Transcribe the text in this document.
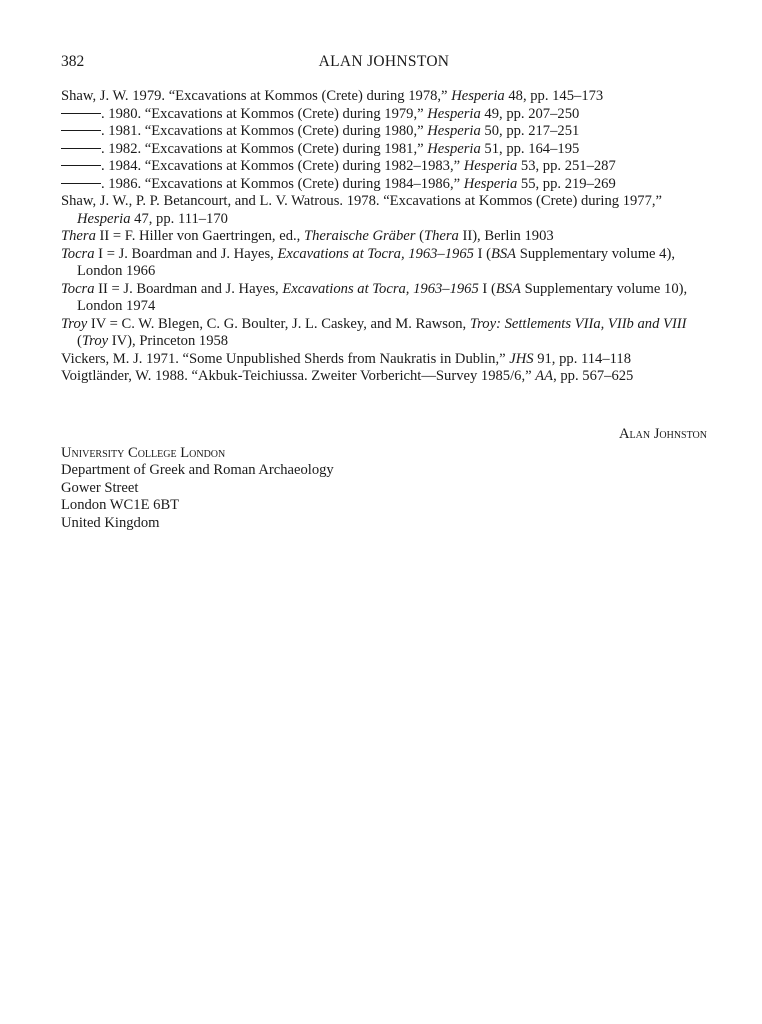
382	ALAN JOHNSTON

Shaw, J. W. 1979. “Excavations at Kommos (Crete) during 1978,” Hesperia 48, pp. 145–173

. 1980. “Excavations at Kommos (Crete) during 1979,” Hesperia 49, pp. 207–250

. 1981. “Excavations at Kommos (Crete) during 1980,” Hesperia 50, pp. 217–251

. 1982. “Excavations at Kommos (Crete) during 1981,” Hesperia 51, pp. 164–195

. 1984. “Excavations at Kommos (Crete) during 1982–1983,” Hesperia 53, pp. 251–287

. 1986. “Excavations at Kommos (Crete) during 1984–1986,” Hesperia 55, pp. 219–269

Shaw, J. W., P. P. Betancourt, and L. V. Watrous. 1978. “Excavations at Kommos (Crete) during 1977,” Hesperia 47, pp. 111–170

Thera II = F. Hiller von Gaertringen, ed., Theraische Gräber (Thera II), Berlin 1903

Tocra I = J. Boardman and J. Hayes, Excavations at Tocra, 1963–1965 I (BSA Supplementary volume 4), London 1966

Tocra II = J. Boardman and J. Hayes, Excavations at Tocra, 1963–1965 I (BSA Supplementary volume 10), London 1974

Troy IV = C. W. Blegen, C. G. Boulter, J. L. Caskey, and M. Rawson, Troy: Settlements VIIa, VIIb and VIII (Troy IV), Princeton 1958

Vickers, M. J. 1971. “Some Unpublished Sherds from Naukratis in Dublin,” JHS 91, pp. 114–118

Voigtländer, W. 1988. “Akbuk-Teichiussa. Zweiter Vorbericht—Survey 1985/6,” AA, pp. 567–625

Alan Johnston
University College London
Department of Greek and Roman Archaeology
Gower Street
London WC1E 6BT
United Kingdom
